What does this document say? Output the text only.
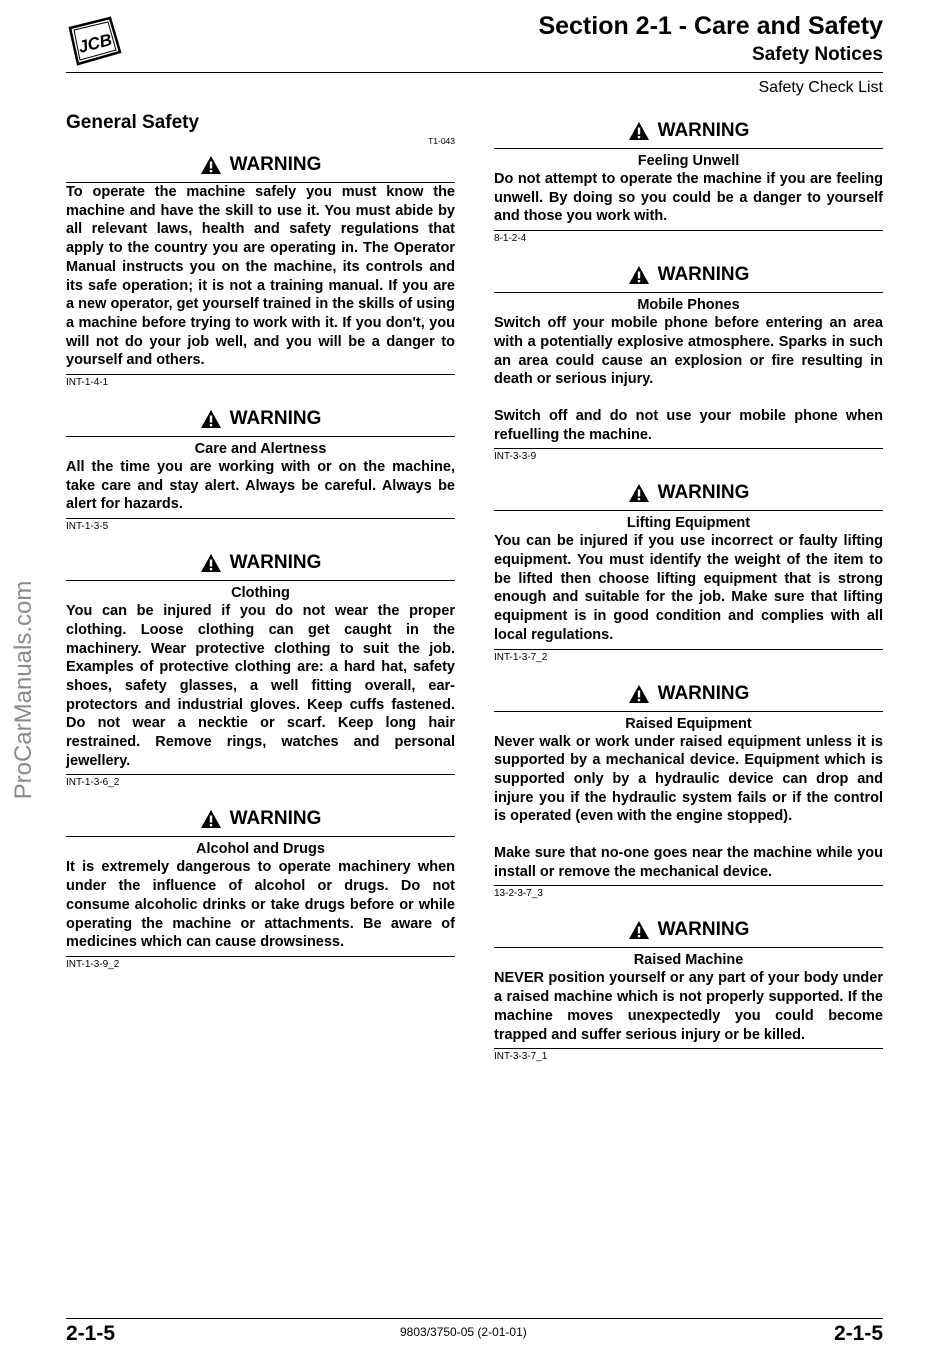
JCB
Section 2-1 - Care and Safety
Safety Notices
Safety Check List
General Safety
T1-043
WARNING

To operate the machine safely you must know the machine and have the skill to use it. You must abide by all relevant laws, health and safety regulations that apply to the country you are operating in. The Operator Manual instructs you on the machine, its controls and its safe operation; it is not a training manual. If you are a new operator, get yourself trained in the skills of using a machine before trying to work with it. If you don't, you will not do your job well, and you will be a danger to yourself and others.

INT-1-4-1
WARNING
Care and Alertness

All the time you are working with or on the machine, take care and stay alert. Always be careful. Always be alert for hazards.

INT-1-3-5
WARNING
Clothing

You can be injured if you do not wear the proper clothing. Loose clothing can get caught in the machinery. Wear protective clothing to suit the job. Examples of protective clothing are: a hard hat, safety shoes, safety glasses, a well fitting overall, ear-protectors and industrial gloves. Keep cuffs fastened. Do not wear a necktie or scarf. Keep long hair restrained. Remove rings, watches and personal jewellery.

INT-1-3-6_2
WARNING
Alcohol and Drugs

It is extremely dangerous to operate machinery when under the influence of alcohol or drugs. Do not consume alcoholic drinks or take drugs before or while operating the machine or attachments. Be aware of medicines which can cause drowsiness.

INT-1-3-9_2
WARNING
Feeling Unwell

Do not attempt to operate the machine if you are feeling unwell. By doing so you could be a danger to yourself and those you work with.

8-1-2-4
WARNING
Mobile Phones

Switch off your mobile phone before entering an area with a potentially explosive atmosphere. Sparks in such an area could cause an explosion or fire resulting in death or serious injury.

Switch off and do not use your mobile phone when refuelling the machine.

INT-3-3-9
WARNING
Lifting Equipment

You can be injured if you use incorrect or faulty lifting equipment. You must identify the weight of the item to be lifted then choose lifting equipment that is strong enough and suitable for the job. Make sure that lifting equipment is in good condition and complies with all local regulations.

INT-1-3-7_2
WARNING
Raised Equipment

Never walk or work under raised equipment unless it is supported by a mechanical device. Equipment which is supported only by a hydraulic device can drop and injure you if the hydraulic system fails or if the control is operated (even with the engine stopped).

Make sure that no-one goes near the machine while you install or remove the mechanical device.

13-2-3-7_3
WARNING
Raised Machine

NEVER position yourself or any part of your body under a raised machine which is not properly supported. If the machine moves unexpectedly you could become trapped and suffer serious injury or be killed.

INT-3-3-7_1
ProCarManuals.com
2-1-5	9803/3750-05 (2-01-01)	2-1-5
